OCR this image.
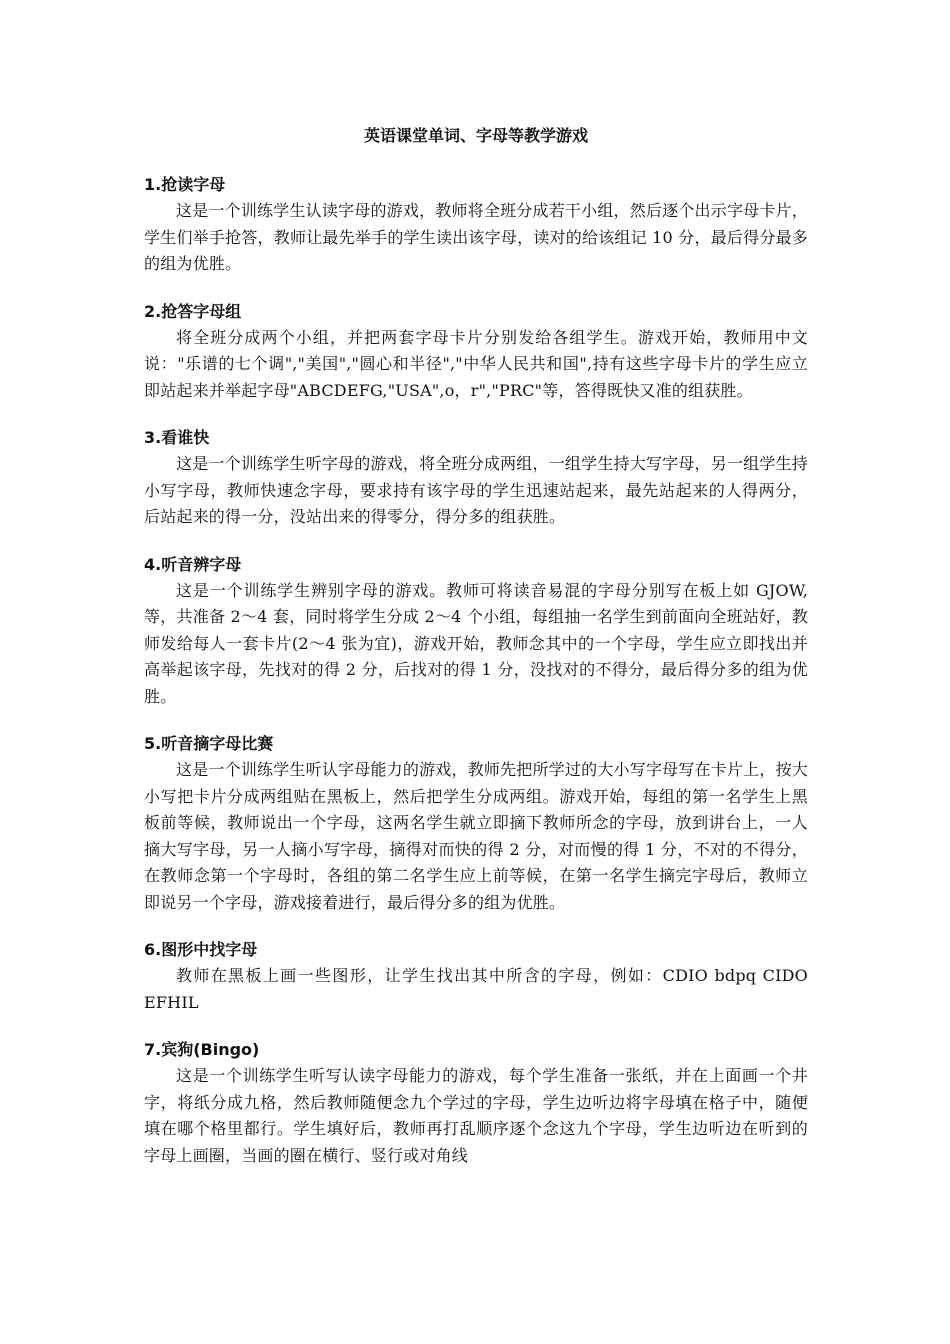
英语课堂单词、字母等教学游戏

1.抢读字母

这是一个训练学生认读字母的游戏，教师将全班分成若干小组，然后逐个出示字母卡片，学生们举手抢答，教师让最先举手的学生读出该字母，读对的给该组记 10 分，最后得分最多的组为优胜。

2.抢答字母组

将全班分成两个小组，并把两套字母卡片分别发给各组学生。游戏开始，教师用中文说："乐谱的七个调","美国","圆心和半径","中华人民共和国",持有这些字母卡片的学生应立即站起来并举起字母"ABCDEFG,"USA",o，r","PRC"等，答得既快又准的组获胜。

3.看谁快

这是一个训练学生听字母的游戏，将全班分成两组，一组学生持大写字母，另一组学生持小写字母，教师快速念字母，要求持有该字母的学生迅速站起来，最先站起来的人得两分，后站起来的得一分，没站出来的得零分，得分多的组获胜。

4.听音辨字母

这是一个训练学生辨别字母的游戏。教师可将读音易混的字母分别写在板上如 GJOW,等，共准备 2～4 套，同时将学生分成 2～4 个小组，每组抽一名学生到前面向全班站好，教师发给每人一套卡片(2～4 张为宜)，游戏开始，教师念其中的一个字母，学生应立即找出并高举起该字母，先找对的得 2 分，后找对的得 1 分，没找对的不得分，最后得分多的组为优胜。

5.听音摘字母比赛

这是一个训练学生听认字母能力的游戏，教师先把所学过的大小写字母写在卡片上，按大小写把卡片分成两组贴在黑板上，然后把学生分成两组。游戏开始，每组的第一名学生上黑板前等候，教师说出一个字母，这两名学生就立即摘下教师所念的字母，放到讲台上，一人摘大写字母，另一人摘小写字母，摘得对而快的得 2 分，对而慢的得 1 分，不对的不得分，在教师念第一个字母时，各组的第二名学生应上前等候，在第一名学生摘完字母后，教师立即说另一个字母，游戏接着进行，最后得分多的组为优胜。

6.图形中找字母

教师在黑板上画一些图形，让学生找出其中所含的字母，例如：CDIO bdpq CIDO EFHIL

7.宾狗(Bingo)

这是一个训练学生听写认读字母能力的游戏，每个学生准备一张纸，并在上面画一个井字，将纸分成九格，然后教师随便念九个学过的字母，学生边听边将字母填在格子中，随便填在哪个格里都行。学生填好后，教师再打乱顺序逐个念这九个字母，学生边听边在听到的字母上画圈，当画的圈在横行、竖行或对角线
